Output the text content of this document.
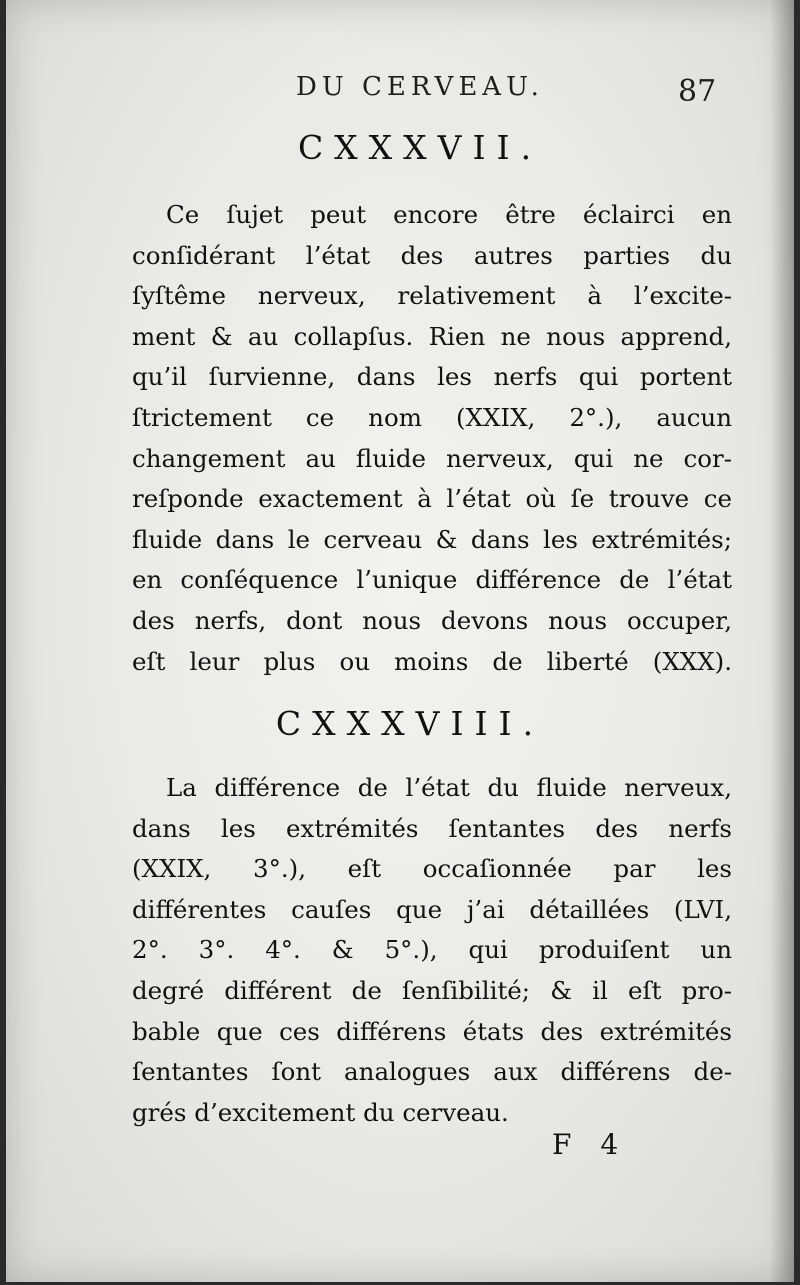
DU CERVEAU.	87
CXXXVII.
Ce ſujet peut encore être éclairci en
conſidérant l’état des autres parties du
ſyſtême nerveux, relativement à l’excite-
ment & au collapſus. Rien ne nous apprend,
qu’il ſurvienne, dans les nerfs qui portent
ſtrictement ce nom (XXIX, 2°.), aucun
changement au fluide nerveux, qui ne cor-
reſponde exactement à l’état où ſe trouve ce
fluide dans le cerveau & dans les extrémités;
en conſéquence l’unique différence de l’état
des nerfs, dont nous devons nous occuper,
eſt leur plus ou moins de liberté (XXX).
CXXXVIII.
La différence de l’état du fluide nerveux,
dans les extrémités ſentantes des nerfs
(XXIX, 3°.), eſt occaſionnée par les
différentes cauſes que j’ai détaillées (LVI,
2°. 3°. 4°. & 5°.), qui produiſent un
degré différent de ſenſibilité; & il eſt pro-
bable que ces différens états des extrémités
ſentantes ſont analogues aux différens de-
grés d’excitement du cerveau.
F 4
